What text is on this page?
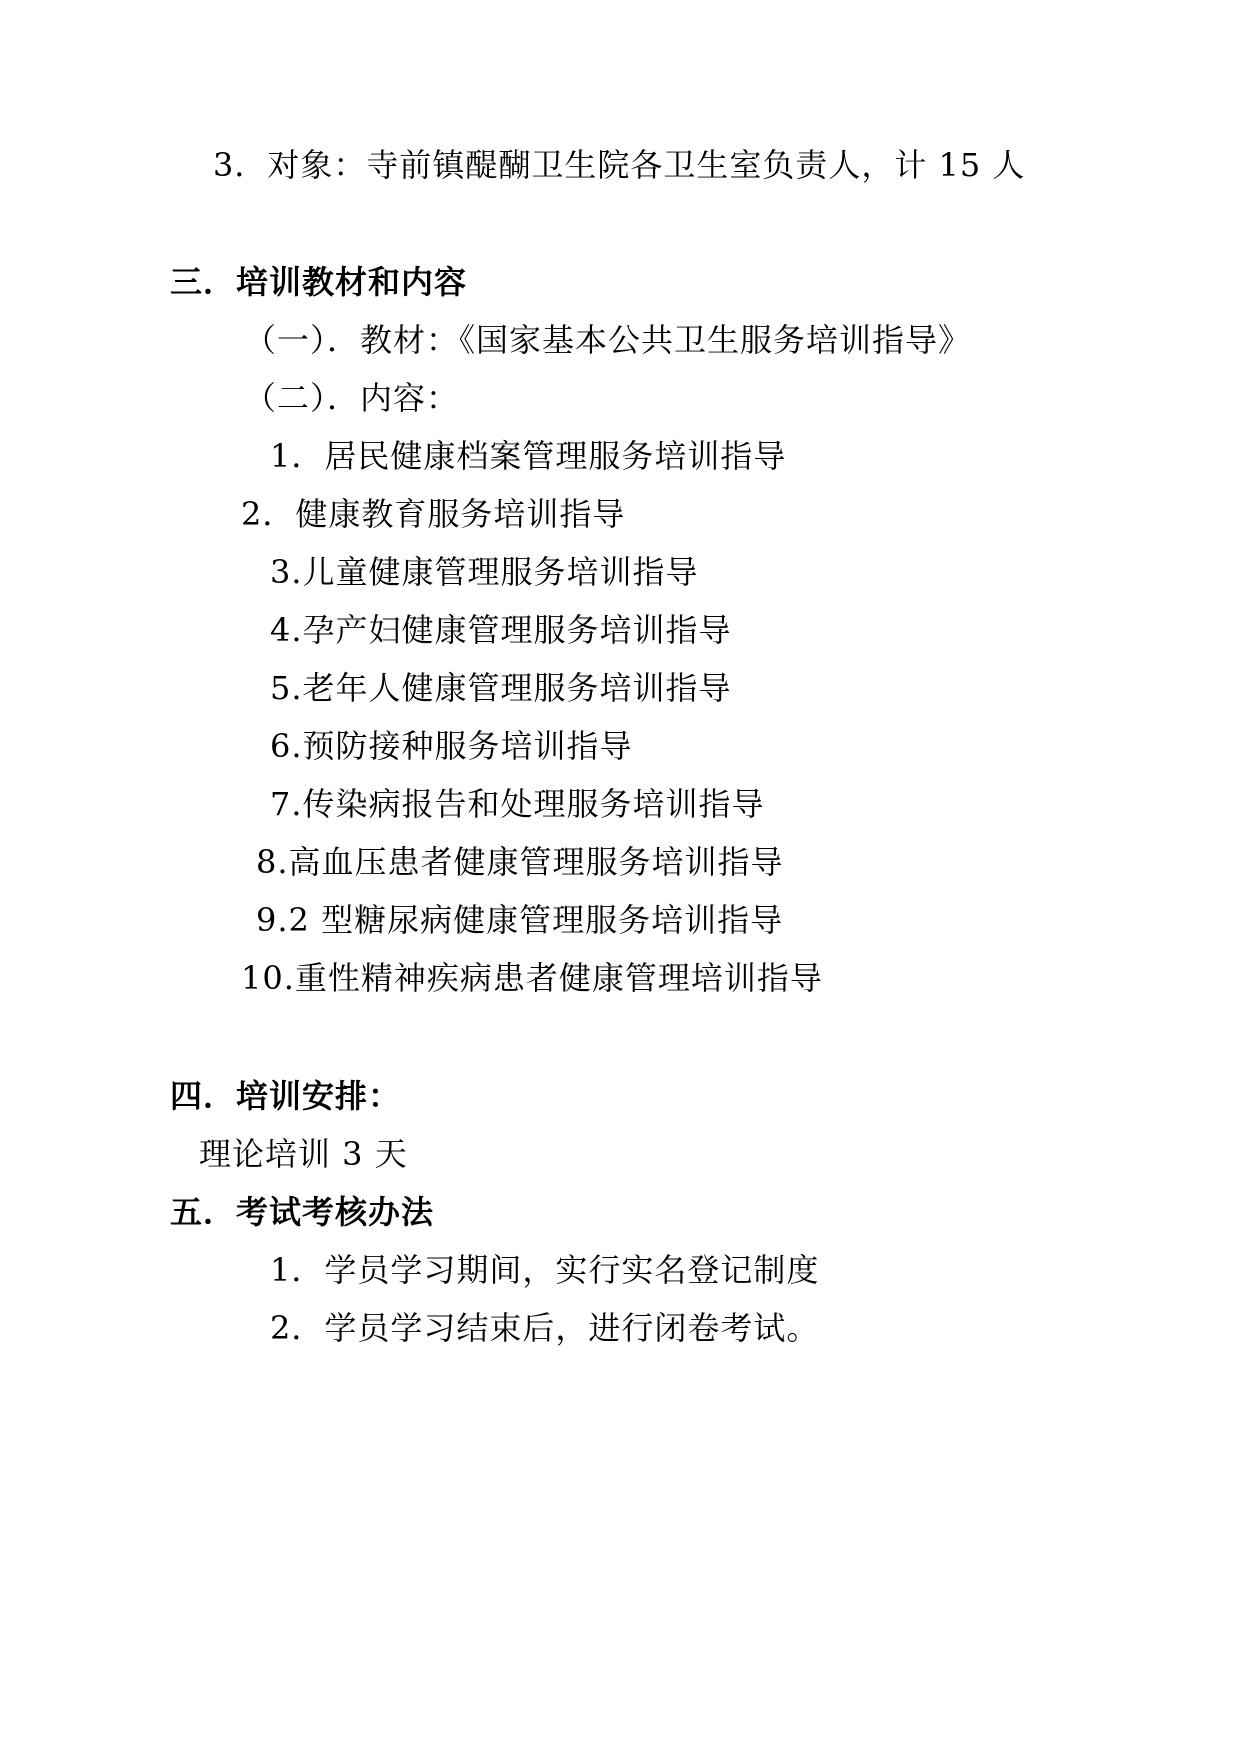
3．对象：寺前镇醍醐卫生院各卫生室负责人，计 15 人
三．培训教材和内容
（一）．教材：《国家基本公共卫生服务培训指导》
（二）．内容：
1．居民健康档案管理服务培训指导
2．健康教育服务培训指导
3.儿童健康管理服务培训指导
4.孕产妇健康管理服务培训指导
5.老年人健康管理服务培训指导
6.预防接种服务培训指导
7.传染病报告和处理服务培训指导
8.高血压患者健康管理服务培训指导
9.2 型糖尿病健康管理服务培训指导
10.重性精神疾病患者健康管理培训指导
四．培训安排：
理论培训 3 天
五．考试考核办法
1．学员学习期间，实行实名登记制度
2．学员学习结束后，进行闭卷考试。
